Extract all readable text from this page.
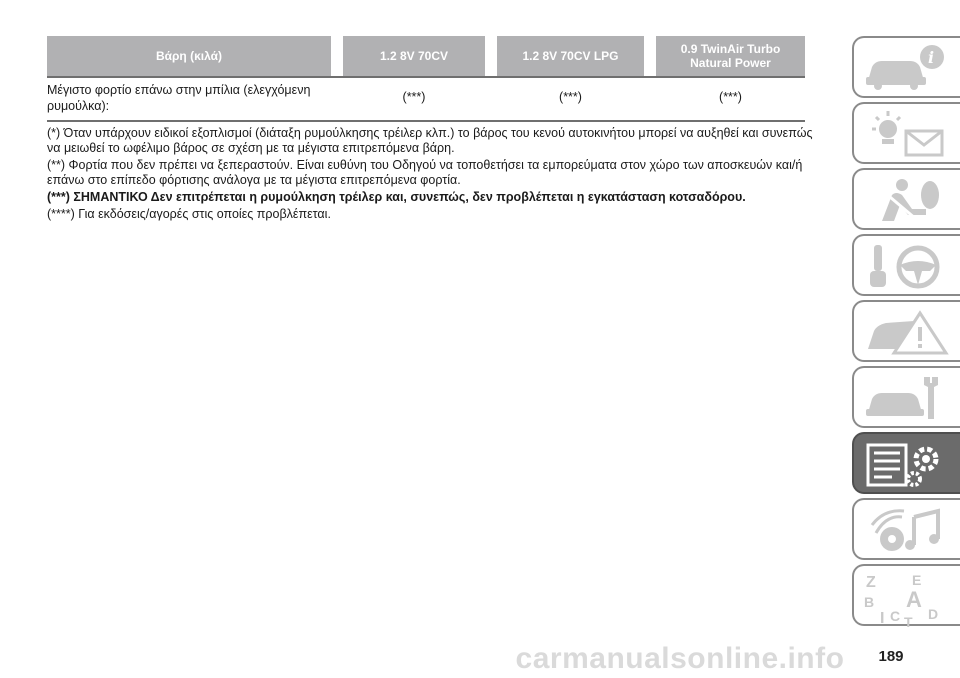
Βάρη (κιλά)	1.2 8V 70CV	1.2 8V 70CV LPG	0.9 TwinAir Turbo
Natural Power
Μέγιστο φορτίο επάνω στην μπίλια (ελεγχόμενη
ρυμούλκα):
(***)	(***)	(***)

(*) Όταν υπάρχουν ειδικοί εξοπλισμοί (διάταξη ρυμούλκησης τρέιλερ κλπ.) το βάρος του κενού αυτοκινήτου μπορεί να αυξηθεί και συνεπώς να μειωθεί το ωφέλιμο βάρος σε σχέση με τα μέγιστα επιτρεπόμενα βάρη.

(**) Φορτία που δεν πρέπει να ξεπεραστούν. Είναι ευθύνη του Οδηγού να τοποθετήσει τα εμπορεύματα στον χώρο των αποσκευών και/ή επάνω στο επίπεδο φόρτισης ανάλογα με τα μέγιστα επιτρεπόμενα φορτία.

(***) ΣΗΜΑΝΤΙΚΟ Δεν επιτρέπεται η ρυμούλκηση τρέιλερ και, συνεπώς, δεν προβλέπεται η εγκατάσταση κοτσαδόρου.

(****) Για εκδόσεις/αγορές στις οποίες προβλέπεται.

i
Z	E
B A
I C T D
189
carmanualsonline.info
